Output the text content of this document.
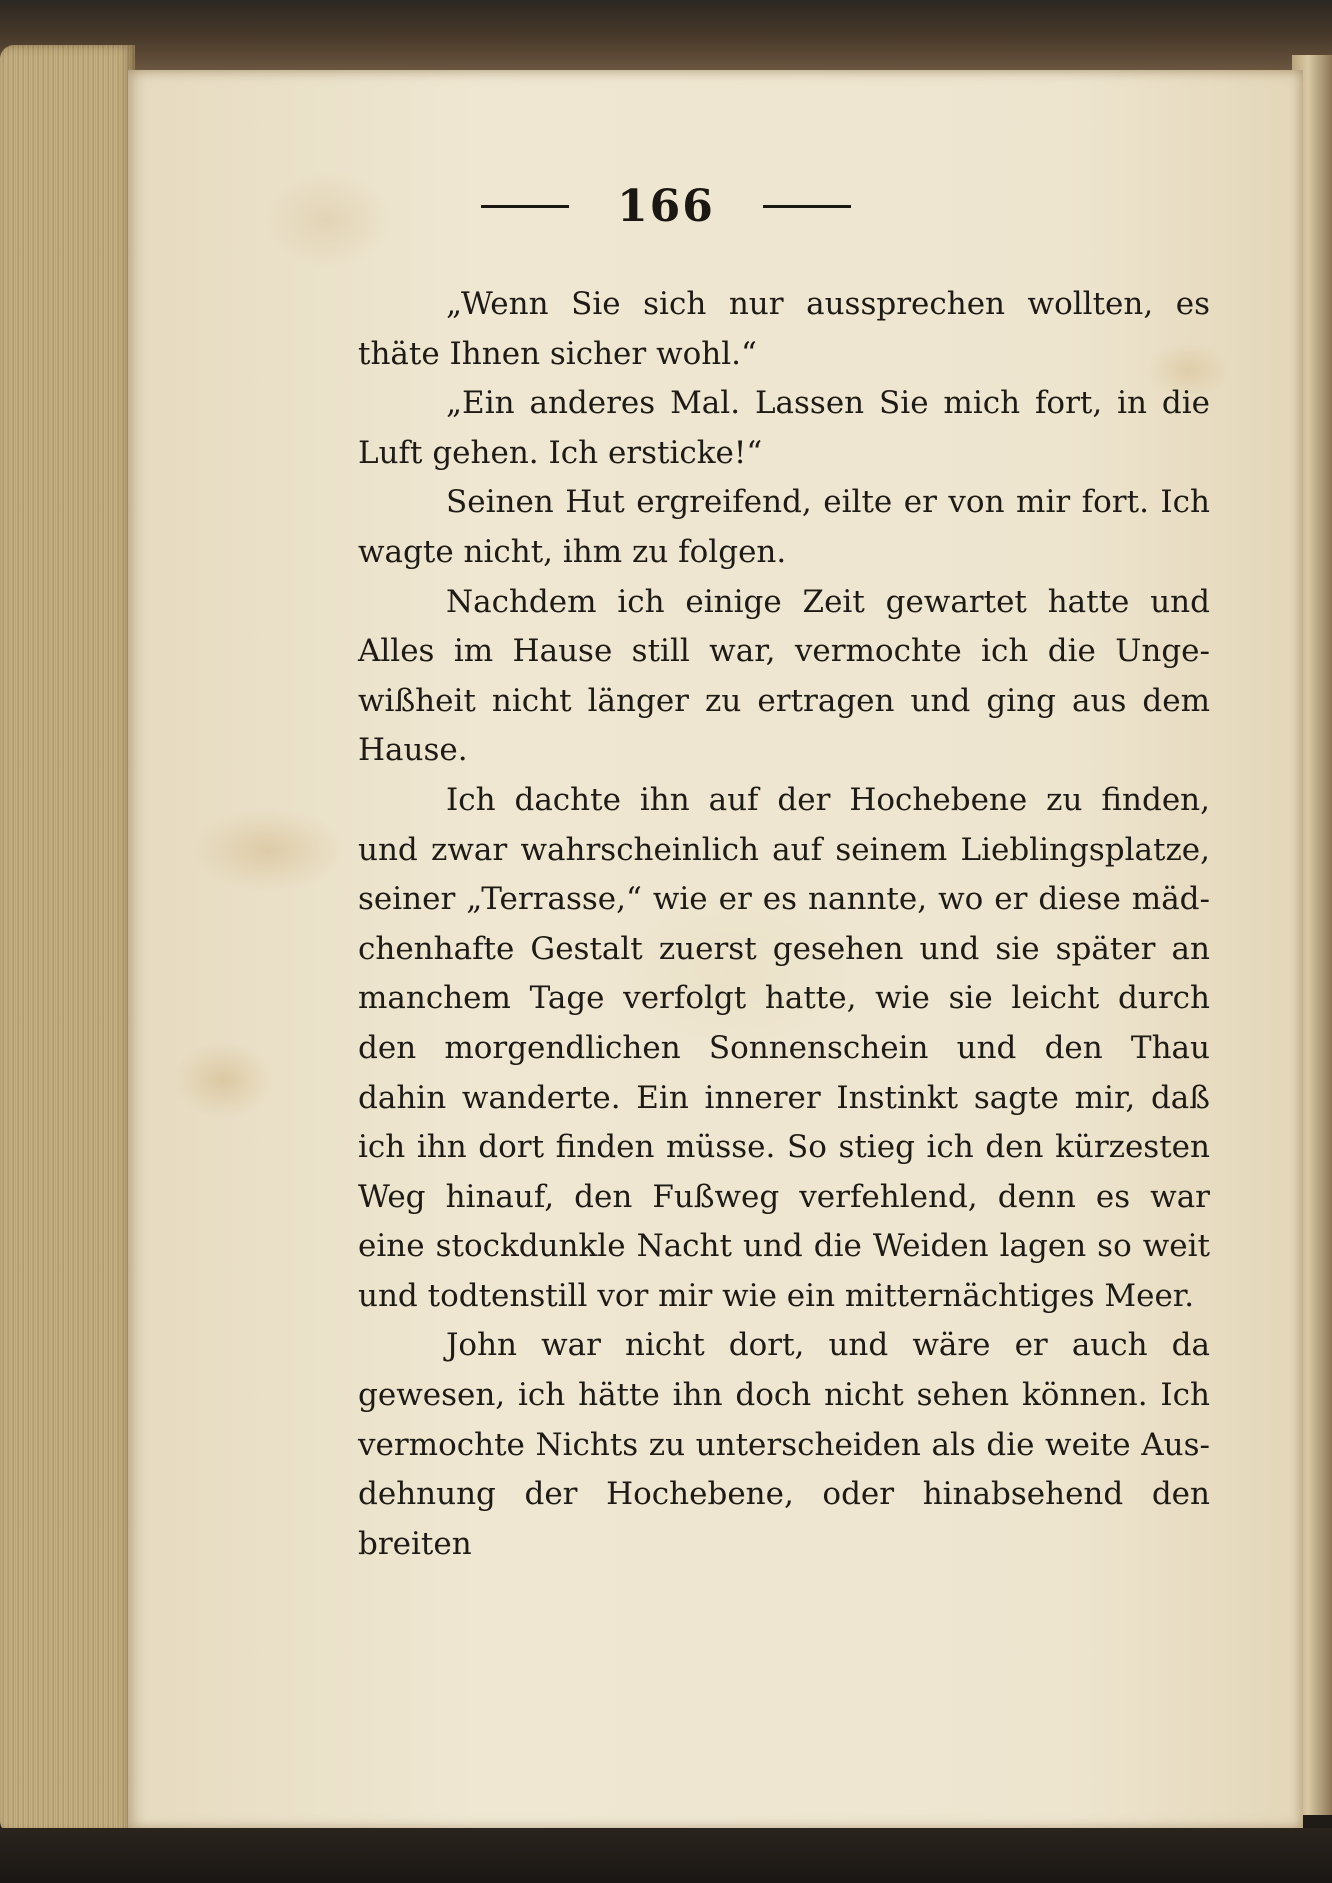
166

„Wenn Sie sich nur aussprechen wollten, es thäte Ihnen sicher wohl.“

„Ein anderes Mal. Lassen Sie mich fort, in die Luft gehen. Ich ersticke!“

Seinen Hut ergreifend, eilte er von mir fort. Ich wagte nicht, ihm zu folgen.

Nachdem ich einige Zeit gewartet hatte und Alles im Hause still war, vermochte ich die Ungewißheit nicht länger zu ertragen und ging aus dem Hause.

Ich dachte ihn auf der Hochebene zu finden, und zwar wahrscheinlich auf seinem Lieblingsplatze, seiner „Terrasse,“ wie er es nannte, wo er diese mädchenhafte Gestalt zuerst gesehen und sie später an manchem Tage verfolgt hatte, wie sie leicht durch den morgendlichen Sonnenschein und den Thau dahin wanderte. Ein innerer Instinkt sagte mir, daß ich ihn dort finden müsse. So stieg ich den kürzesten Weg hinauf, den Fußweg verfehlend, denn es war eine stockdunkle Nacht und die Weiden lagen so weit und todtenstill vor mir wie ein mitternächtiges Meer.

John war nicht dort, und wäre er auch da gewesen, ich hätte ihn doch nicht sehen können. Ich vermochte Nichts zu unterscheiden als die weite Ausdehnung der Hochebene, oder hinabsehend den breiten
